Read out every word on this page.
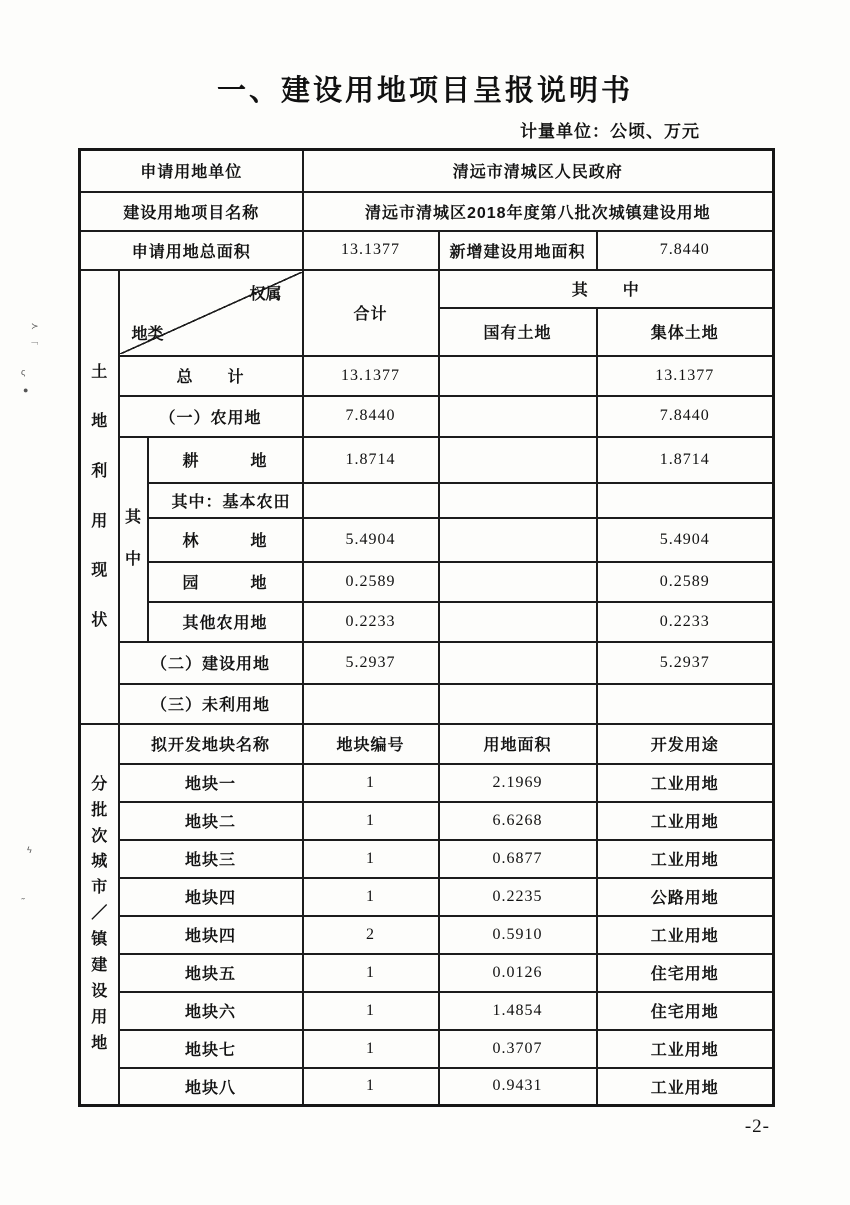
一、建设用地项目呈报说明书
计量单位：公顷、万元
申请用地单位			清远市清城区人民政府		
建设用地项目名称			清远市清城区2018年度第八批次城镇建设用地		
申请用地总面积			13.1377	新增建设用地面积	7.8440

土地利用现状	权属
地类		合计	其　　中	
				国有土地	集体土地
	总　　计		13.1377		13.1377
	（一）农用地		7.8440		7.8440

	其中	耕　　　地	1.8714		1.8714
		其中：基本农田			
		林　　　地	5.4904		5.4904
		园　　　地	0.2589		0.2589
		其他农用地	0.2233		0.2233
	（二）建设用地		5.2937		5.2937
	（三）未利用地				

分批次城市／镇建设用地	拟开发地块名称		地块编号	用地面积	开发用途
	地块一		1	2.1969	工业用地
	地块二		1	6.6268	工业用地
	地块三		1	0.6877	工业用地
	地块四		1	0.2235	公路用地
	地块四		2	0.5910	工业用地
	地块五		1	0.0126	住宅用地
	地块六		1	1.4854	住宅用地
	地块七		1	0.3707	工业用地
	地块八		1	0.9431	工业用地
-2-
≻
﹁
ς
●
ϟ
᷉˙
